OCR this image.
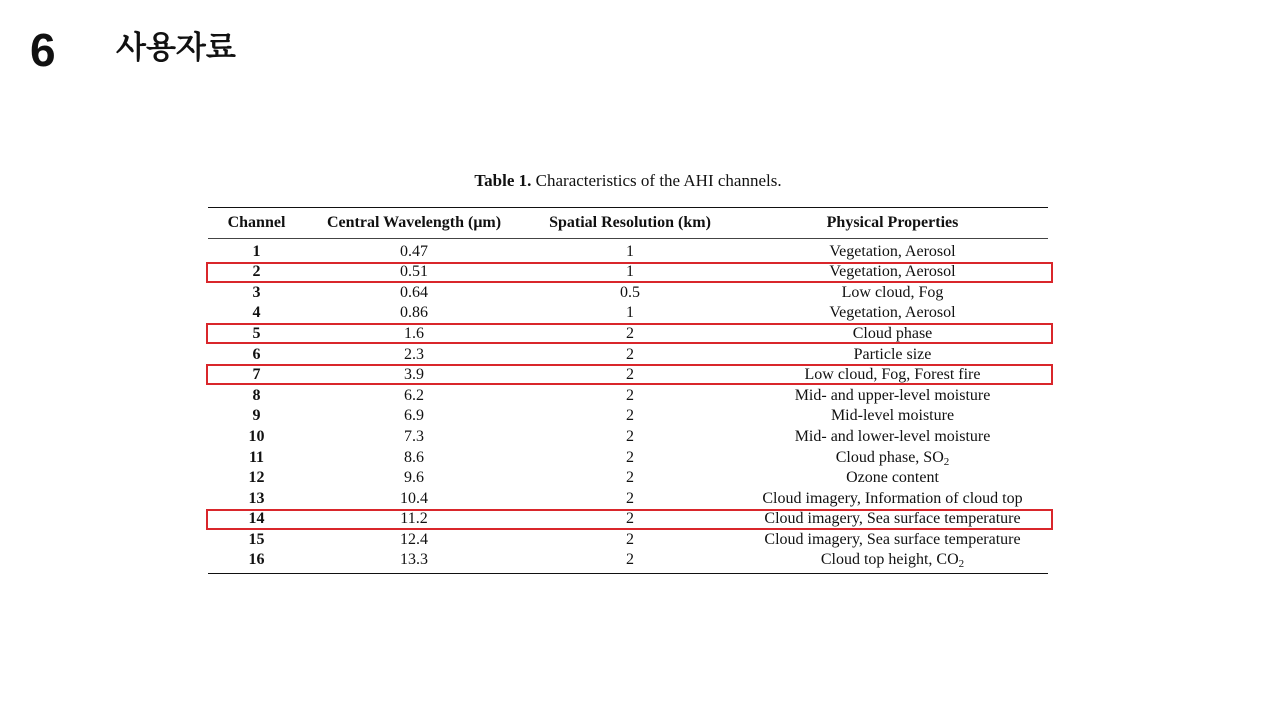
6 사용자료
Table 1. Characteristics of the AHI channels.
Channel	Central Wavelength (μm)	Spatial Resolution (km)	Physical Properties
1	0.47	1	Vegetation, Aerosol
2	0.51	1	Vegetation, Aerosol
3	0.64	0.5	Low cloud, Fog
4	0.86	1	Vegetation, Aerosol
5	1.6	2	Cloud phase
6	2.3	2	Particle size
7	3.9	2	Low cloud, Fog, Forest fire
8	6.2	2	Mid- and upper-level moisture
9	6.9	2	Mid-level moisture
10	7.3	2	Mid- and lower-level moisture
11	8.6	2	Cloud phase, $SO_2$
12	9.6	2	Ozone content
13	10.4	2	Cloud imagery, Information of cloud top
14	11.2	2	Cloud imagery, Sea surface temperature
15	12.4	2	Cloud imagery, Sea surface temperature
16	13.3	2	Cloud top height, $CO_2$
